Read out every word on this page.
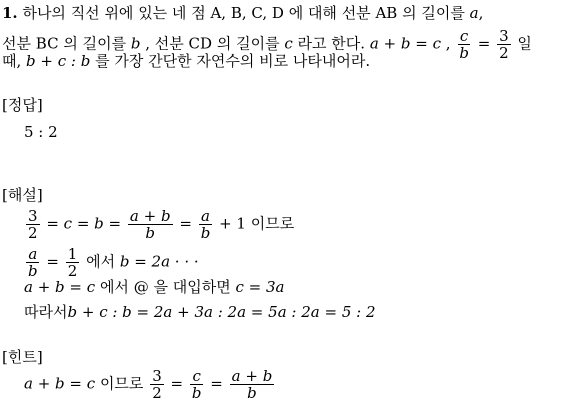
1. 하나의 직선 위에 있는 네 점 A, B, C, D 에 대해 선분 AB 의 길이를 a,
선분 BC 의 길이를 b , 선분 CD 의 길이를 c 라고 한다. a + b = c , $\frac{c}{b} = \frac{3}{2}$ 일
때, b + c : b 를 가장 간단한 자연수의 비로 나타내어라.
[정답]
5 : 2
[해설]
$\frac{3}{2} = c = b = \frac{a + b}{b} = \frac{a}{b} + 1$ 이므로
$\frac{a}{b} = \frac{1}{2}$ 에서 b = 2a · · ·
a + b = c 에서 @ 을 대입하면 c = 3a
따라서b + c : b = 2a + 3a : 2a = 5a : 2a = 5 : 2
[힌트]
a + b = c 이므로 $\frac{3}{2} = \frac{c}{b} = \frac{a + b}{b}$
